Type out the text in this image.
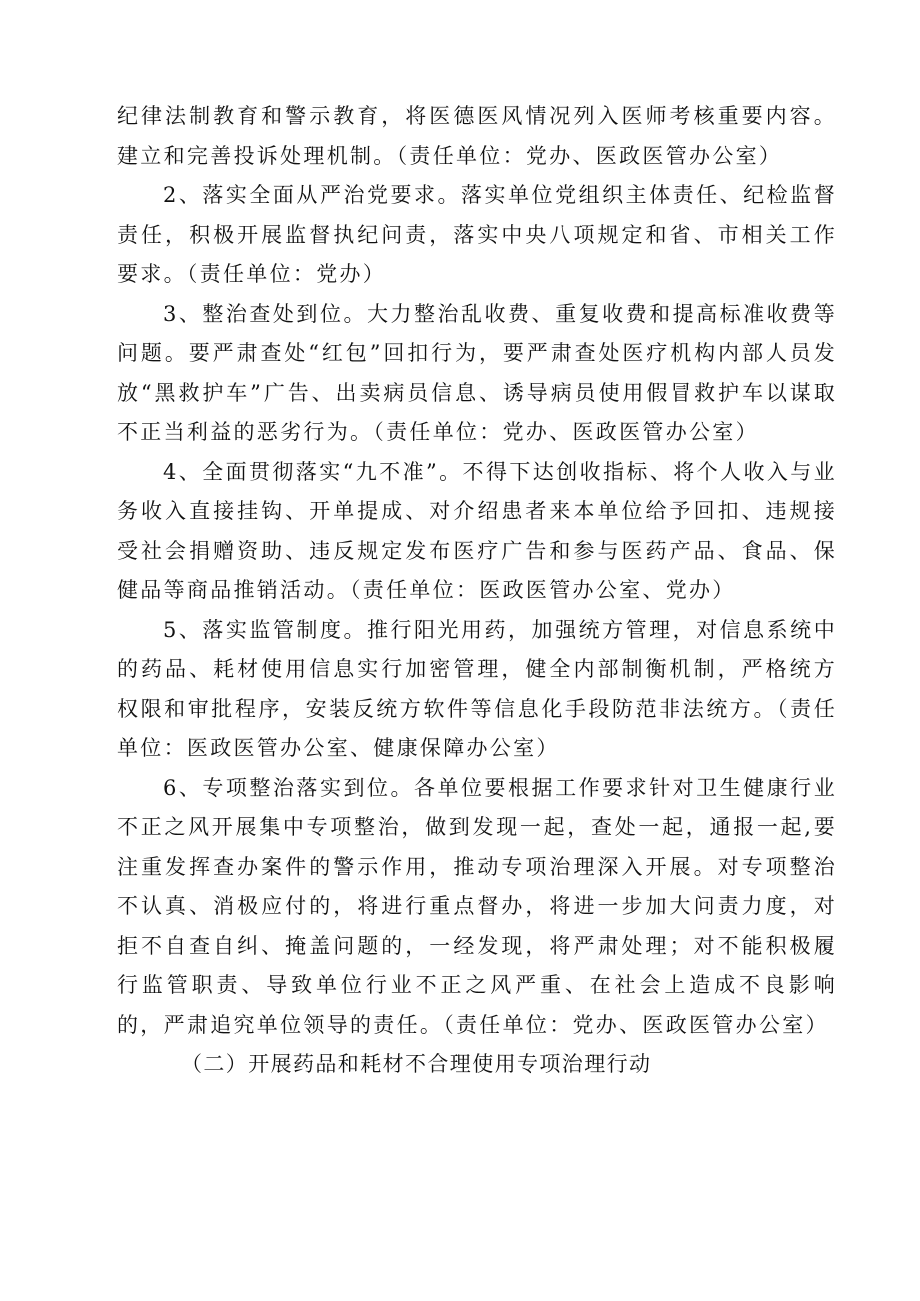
纪律法制教育和警示教育，将医德医风情况列入医师考核重要内容。建立和完善投诉处理机制。（责任单位：党办、医政医管办公室）

2、落实全面从严治党要求。落实单位党组织主体责任、纪检监督责任，积极开展监督执纪问责，落实中央八项规定和省、市相关工作要求。（责任单位：党办）

3、整治查处到位。大力整治乱收费、重复收费和提高标准收费等问题。要严肃查处“红包”回扣行为，要严肃查处医疗机构内部人员发放“黑救护车”广告、出卖病员信息、诱导病员使用假冒救护车以谋取不正当利益的恶劣行为。（责任单位：党办、医政医管办公室）

4、全面贯彻落实“九不准”。不得下达创收指标、将个人收入与业务收入直接挂钩、开单提成、对介绍患者来本单位给予回扣、违规接受社会捐赠资助、违反规定发布医疗广告和参与医药产品、食品、保健品等商品推销活动。（责任单位：医政医管办公室、党办）

5、落实监管制度。推行阳光用药，加强统方管理，对信息系统中的药品、耗材使用信息实行加密管理，健全内部制衡机制，严格统方权限和审批程序，安装反统方软件等信息化手段防范非法统方。（责任单位：医政医管办公室、健康保障办公室）

6、专项整治落实到位。各单位要根据工作要求针对卫生健康行业不正之风开展集中专项整治，做到发现一起，查处一起，通报一起,要注重发挥查办案件的警示作用，推动专项治理深入开展。对专项整治不认真、消极应付的，将进行重点督办，将进一步加大问责力度，对拒不自查自纠、掩盖问题的，一经发现，将严肃处理；对不能积极履行监管职责、导致单位行业不正之风严重、在社会上造成不良影响的，严肃追究单位领导的责任。（责任单位：党办、医政医管办公室）

（二）开展药品和耗材不合理使用专项治理行动
